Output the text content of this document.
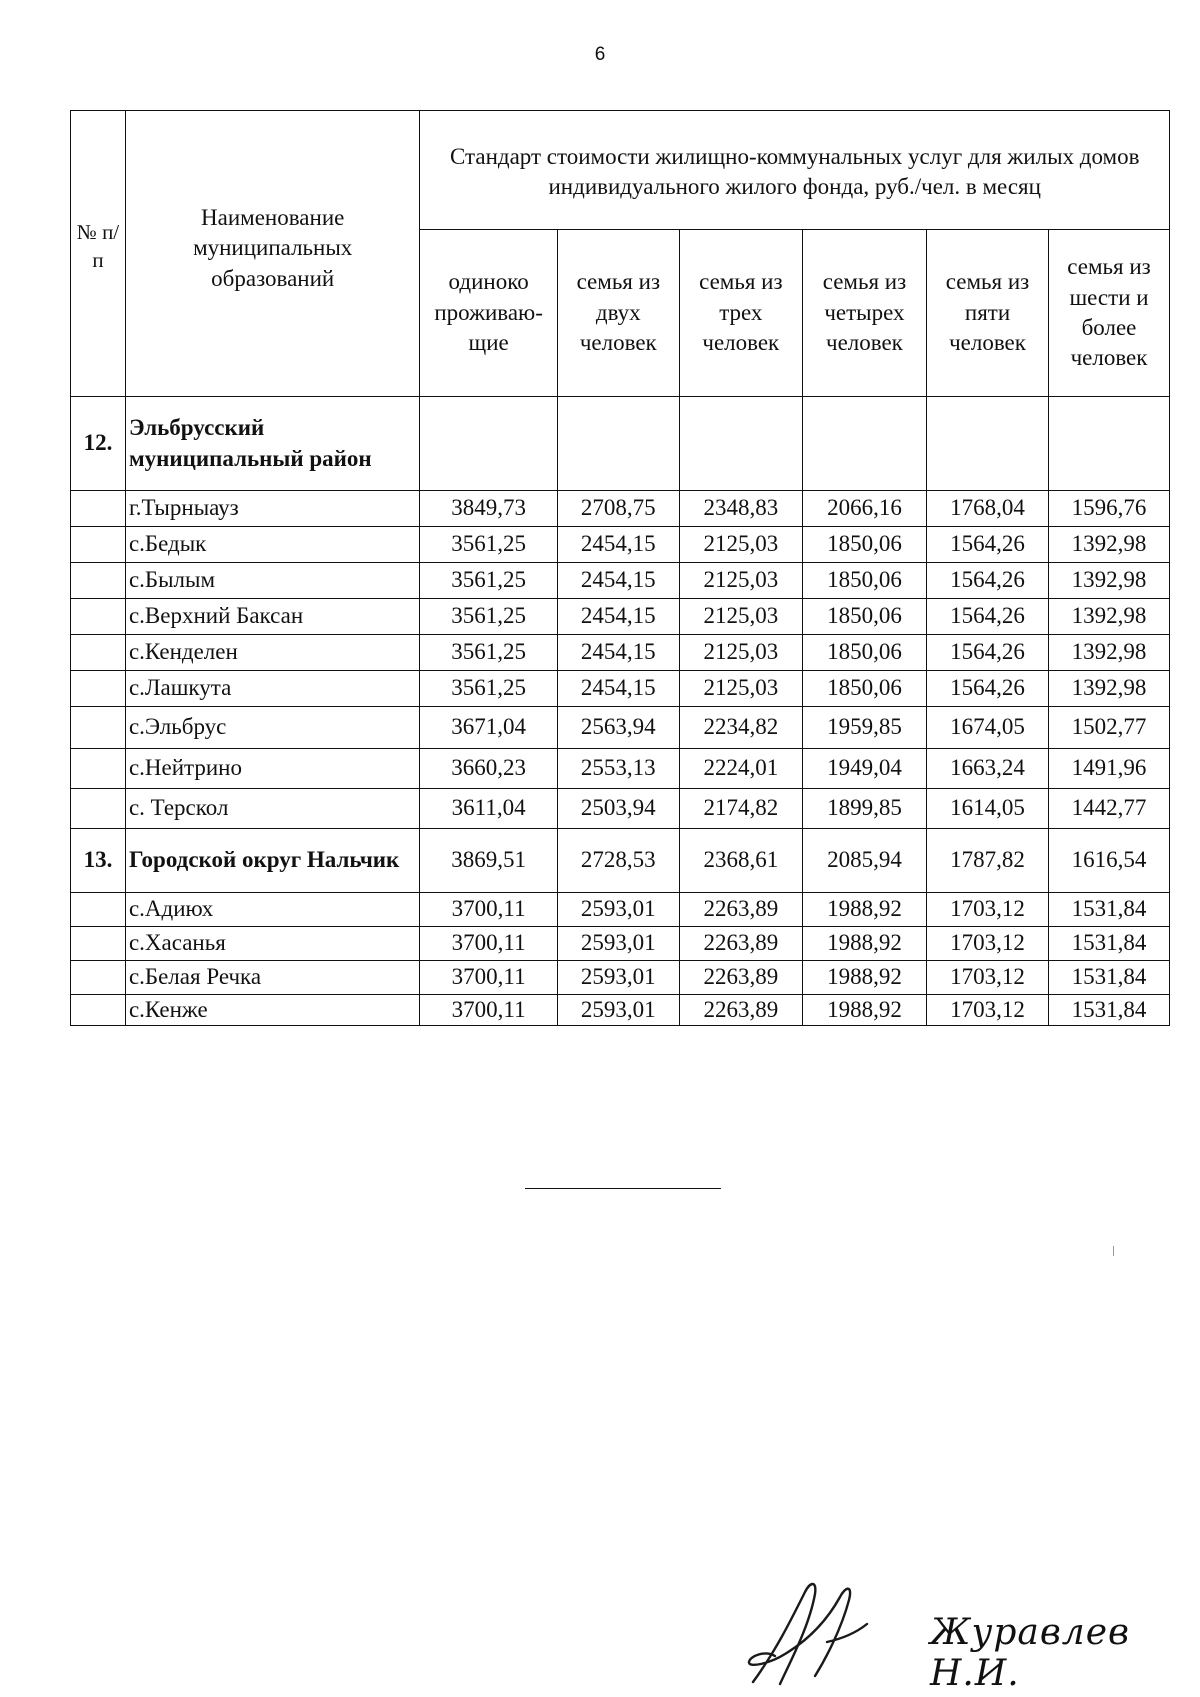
6
№ п/п	Наименование муниципальных образований	Стандарт стоимости жилищно-коммунальных услуг для жилых домов индивидуального жилого фонда, руб./чел. в месяц					
		одиноко проживаю-щие	семья из двух человек	семья из трех человек	семья из четырех человек	семья из пяти человек	семья из шести и более человек
12.	Эльбрусский муниципальный район						
	г.Тырныауз	3849,73	2708,75	2348,83	2066,16	1768,04	1596,76
	с.Бедык	3561,25	2454,15	2125,03	1850,06	1564,26	1392,98
	с.Былым	3561,25	2454,15	2125,03	1850,06	1564,26	1392,98
	с.Верхний Баксан	3561,25	2454,15	2125,03	1850,06	1564,26	1392,98
	с.Кенделен	3561,25	2454,15	2125,03	1850,06	1564,26	1392,98
	с.Лашкута	3561,25	2454,15	2125,03	1850,06	1564,26	1392,98
	с.Эльбрус	3671,04	2563,94	2234,82	1959,85	1674,05	1502,77
	с.Нейтрино	3660,23	2553,13	2224,01	1949,04	1663,24	1491,96
	с. Терскол	3611,04	2503,94	2174,82	1899,85	1614,05	1442,77
13.	Городской округ Нальчик	3869,51	2728,53	2368,61	2085,94	1787,82	1616,54
	с.Адиюх	3700,11	2593,01	2263,89	1988,92	1703,12	1531,84
	с.Хасанья	3700,11	2593,01	2263,89	1988,92	1703,12	1531,84
	с.Белая Речка	3700,11	2593,01	2263,89	1988,92	1703,12	1531,84
	с.Кенже	3700,11	2593,01	2263,89	1988,92	1703,12	1531,84
Журавлев Н.И.
